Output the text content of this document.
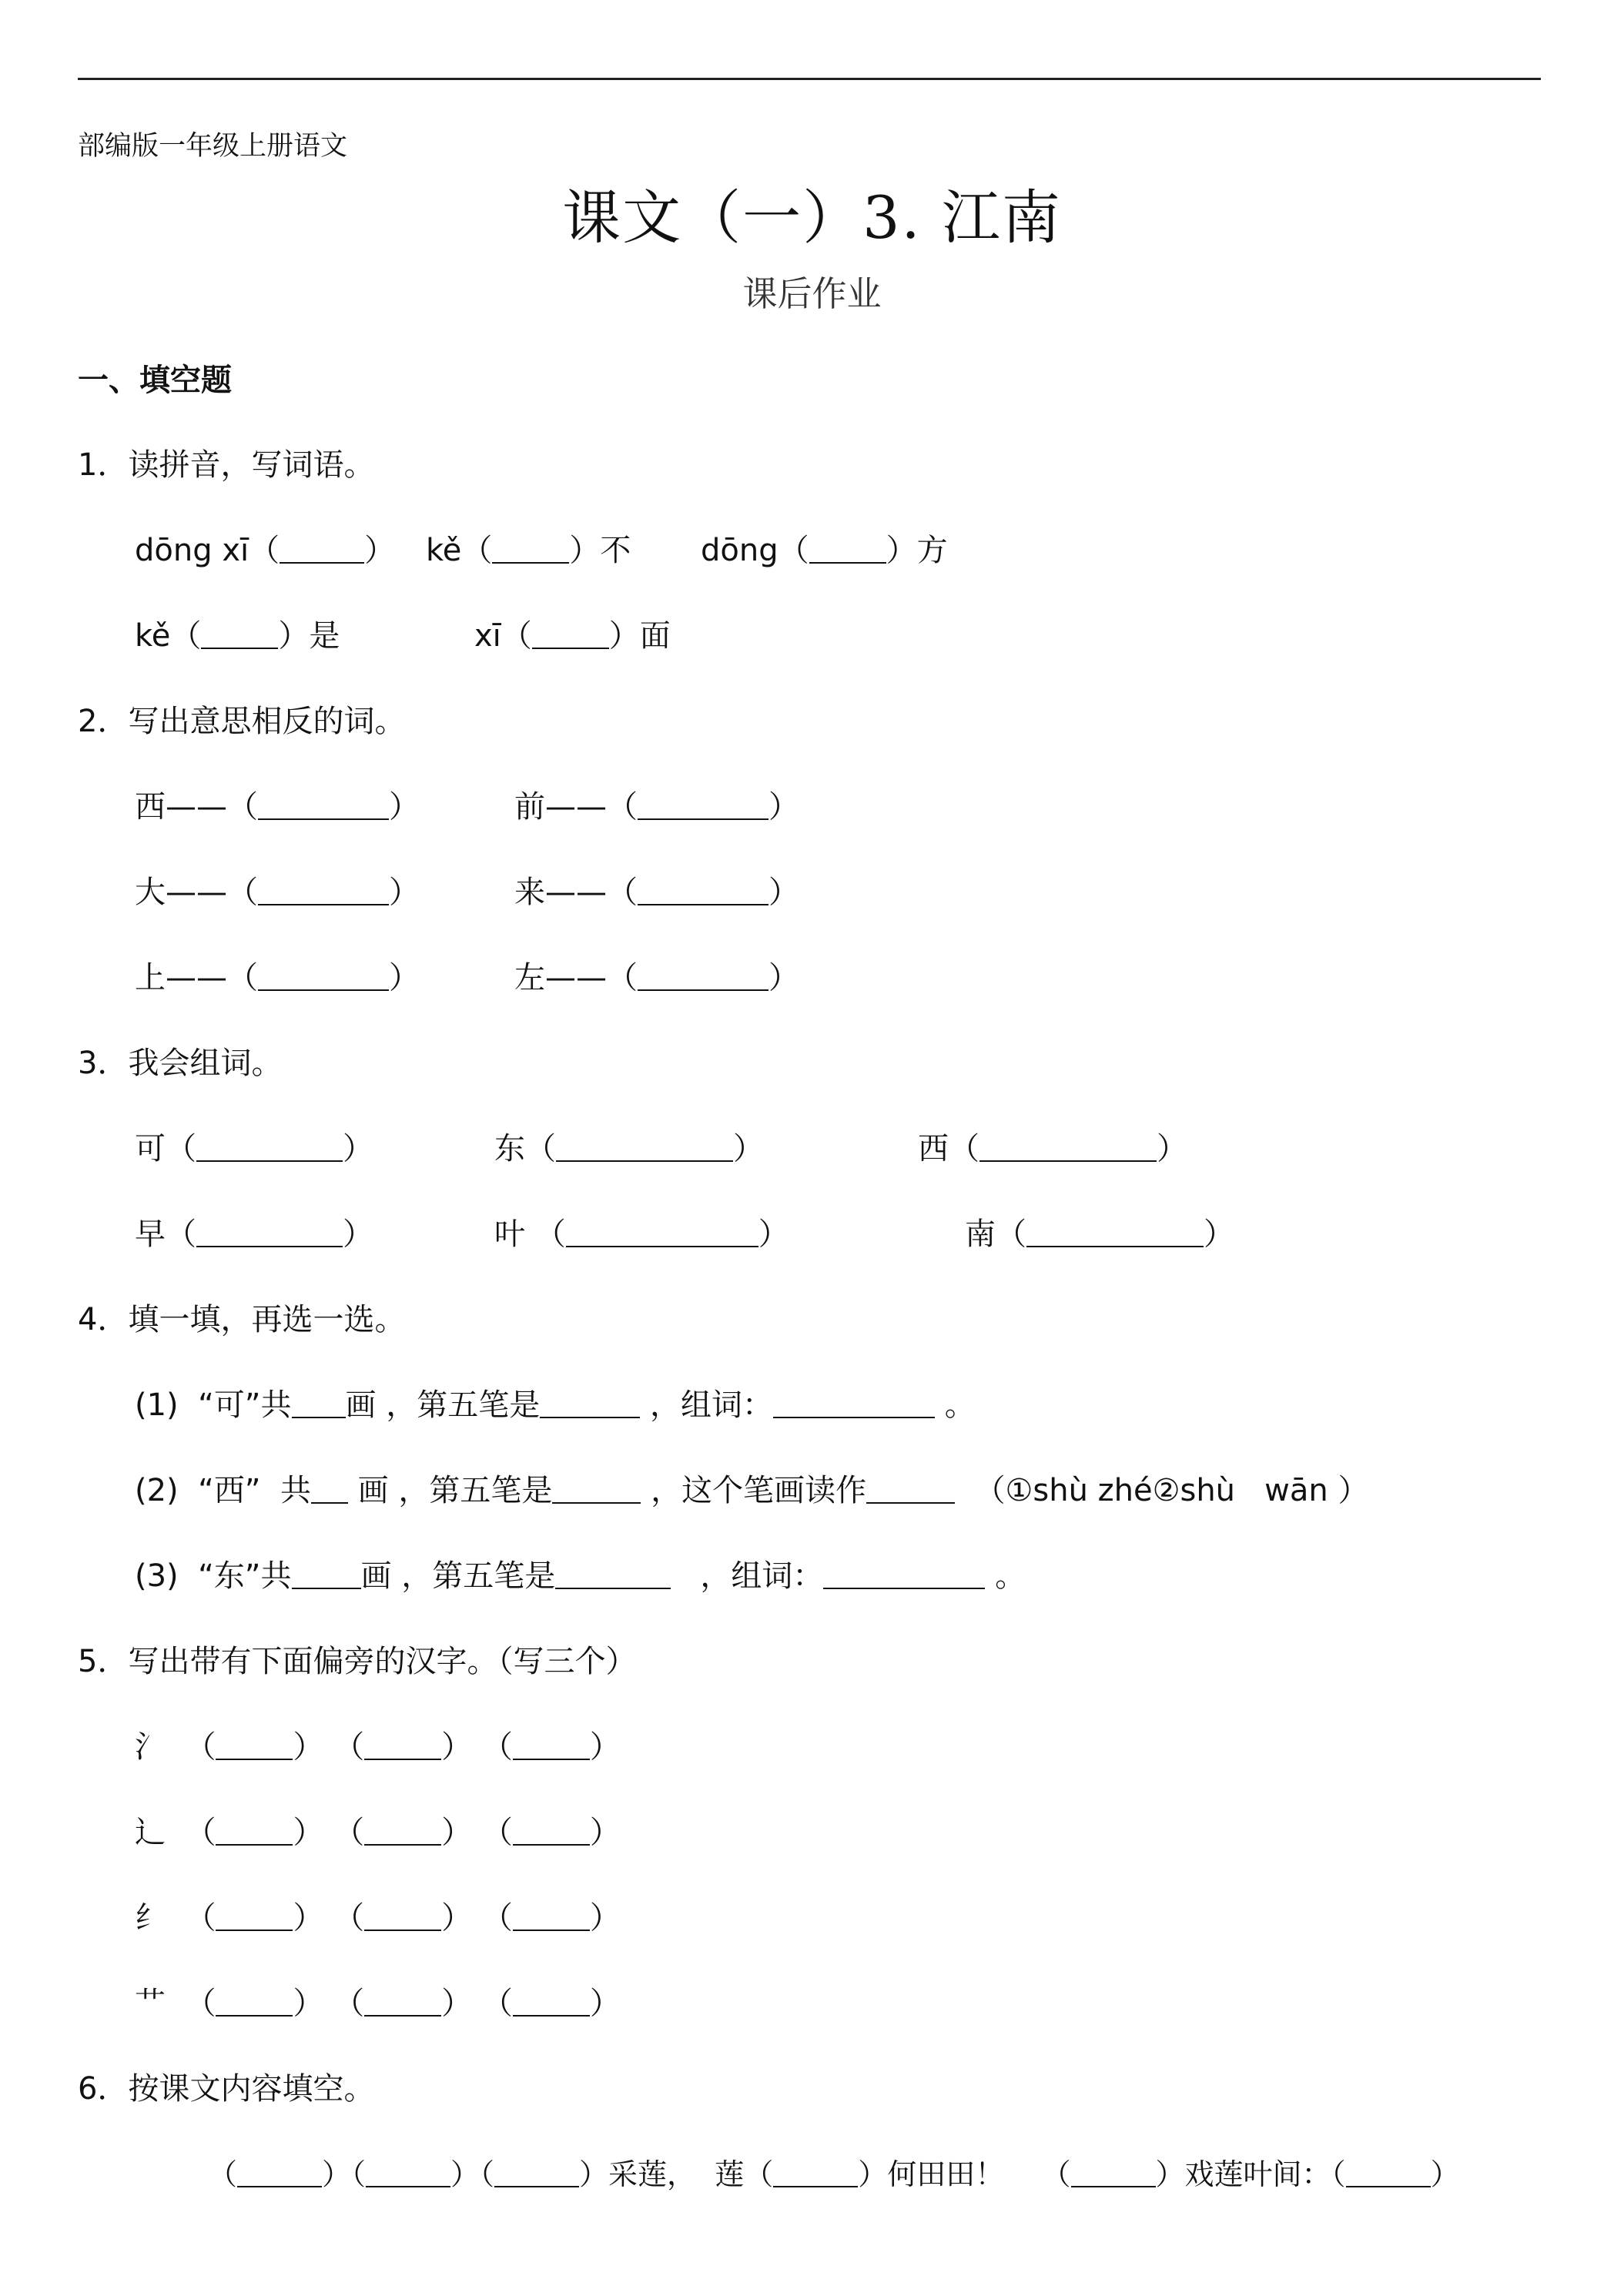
部编版一年级上册语文
课文（一）3. 江南
课后作业
一、填空题
1．读拼音，写词语。
dōng xī（	） kě（	）不 dōng（	）方
kě（	）是	xī（	）面
2．写出意思相反的词。
西——（	）	前——（	）
大——（	）	来——（	）
上——（	）	左——（	）
3．我会组词。
可（	）	东（	）	西（	）
早（	）	叶 （	）	南（	）
4．填一填，再选一选。
(1)  “可”共 画 ，第五笔是	，组词：	。
(2)  “西”  共 画 ，第五笔是	，这个笔画读作	（①shù zhé②shù   wān ）
(3)  “东”共 画 ，第五笔是	，组词：	。
5．写出带有下面偏旁的汉字。（写三个）
氵 （	） （	） （	）
辶 （	） （	） （	）
纟 （	） （	） （	）
艹 （	） （	） （	）
6．按课文内容填空。
（	）（	）（	）采莲，  莲（	）何田田！    （	）戏莲叶间：（	）
